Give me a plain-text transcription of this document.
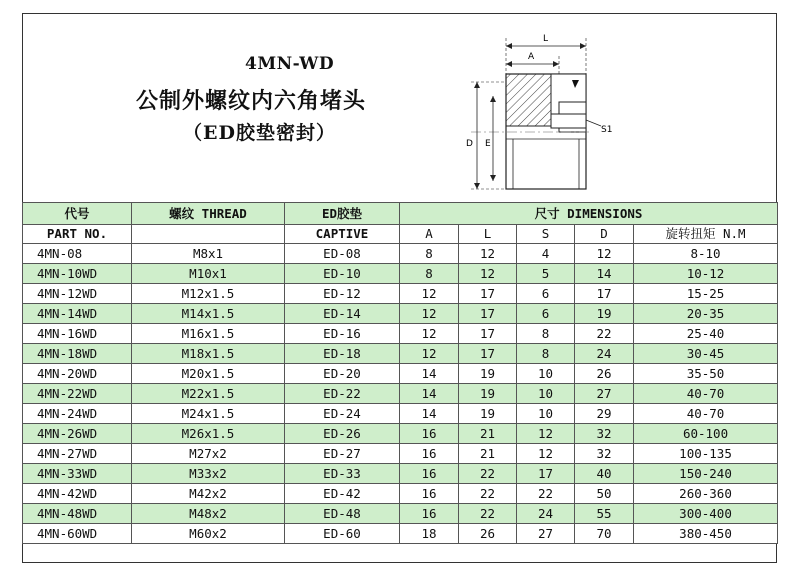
4MN-WD
公制外螺纹内六角堵头
（ED胶垫密封）
L
A
D E
S1
代号	螺纹 THREAD	ED胶垫	尺寸 DIMENSIONS				
PART NO.		CAPTIVE	A	L	S	D	旋转扭矩 N.M
4MN-08	M8x1	ED-08	8	12	4	12	8-10
4MN-10WD	M10x1	ED-10	8	12	5	14	10-12
4MN-12WD	M12x1.5	ED-12	12	17	6	17	15-25
4MN-14WD	M14x1.5	ED-14	12	17	6	19	20-35
4MN-16WD	M16x1.5	ED-16	12	17	8	22	25-40
4MN-18WD	M18x1.5	ED-18	12	17	8	24	30-45
4MN-20WD	M20x1.5	ED-20	14	19	10	26	35-50
4MN-22WD	M22x1.5	ED-22	14	19	10	27	40-70
4MN-24WD	M24x1.5	ED-24	14	19	10	29	40-70
4MN-26WD	M26x1.5	ED-26	16	21	12	32	60-100
4MN-27WD	M27x2	ED-27	16	21	12	32	100-135
4MN-33WD	M33x2	ED-33	16	22	17	40	150-240
4MN-42WD	M42x2	ED-42	16	22	22	50	260-360
4MN-48WD	M48x2	ED-48	16	22	24	55	300-400
4MN-60WD	M60x2	ED-60	18	26	27	70	380-450
